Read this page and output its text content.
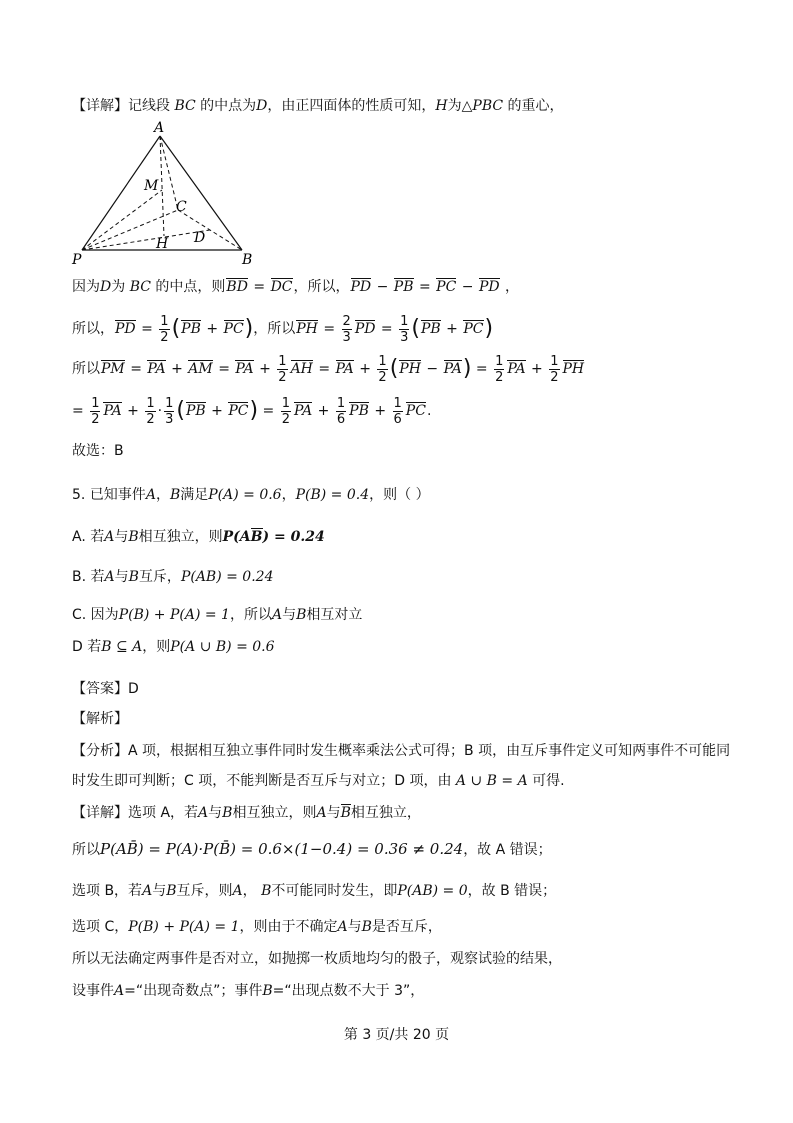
【详解】记线段 BC 的中点为D，由正四面体的性质可知，H为△PBC 的重心，
A
M
C
D
H
P	B
因为D为 BC 的中点，则BD = DC，所以，PD − PB = PC − PD ，
所以，PD = $\frac{1}{2} (PB + PC)$，所以PH = $\frac{2}{3}$ PD = $\frac{1}{3} (PB + PC)$
所以PM = PA + AM = PA + $\frac{1}{2}$ AH = PA + $\frac{1}{2} (PH - PA) = \frac{1}{2}$ PA + $\frac{1}{2}$ PH
= $\frac{1}{2}$ PA + $\frac{1}{2} \cdot \frac{1}{3} (PB + PC) = \frac{1}{2}$ PA + $\frac{1}{6}$ PB + $\frac{1}{6}$ PC.
故选：B
5. 已知事件A，B满足P(A) = 0.6，P(B) = 0.4，则（ ）
A. 若A与B相互独立，则P(AB) = 0.24
B. 若A与B互斥，P(AB) = 0.24
C. 因为P(B) + P(A) = 1，所以A与B相互对立
D 若B ⊆ A，则P(A ∪ B) = 0.6
【答案】D
【解析】
【分析】A 项，根据相互独立事件同时发生概率乘法公式可得；B 项，由互斥事件定义可知两事件不可能同
时发生即可判断；C 项，不能判断是否互斥与对立；D 项，由 A ∪ B = A 可得.
【详解】选项 A，若A与B相互独立，则A与B相互独立，
所以P(AB̄) = P(A)·P(B̄) = 0.6×(1−0.4) = 0.36 ≠ 0.24，故 A 错误；
选项 B，若A与B互斥，则A， B不可能同时发生，即P(AB) = 0，故 B 错误；
选项 C，P(B) + P(A) = 1，则由于不确定A与B是否互斥，
所以无法确定两事件是否对立，如抛掷一枚质地均匀的骰子，观察试验的结果，
设事件A=“出现奇数点”；事件B=“出现点数不大于 3”，
第 3 页/共 20 页
